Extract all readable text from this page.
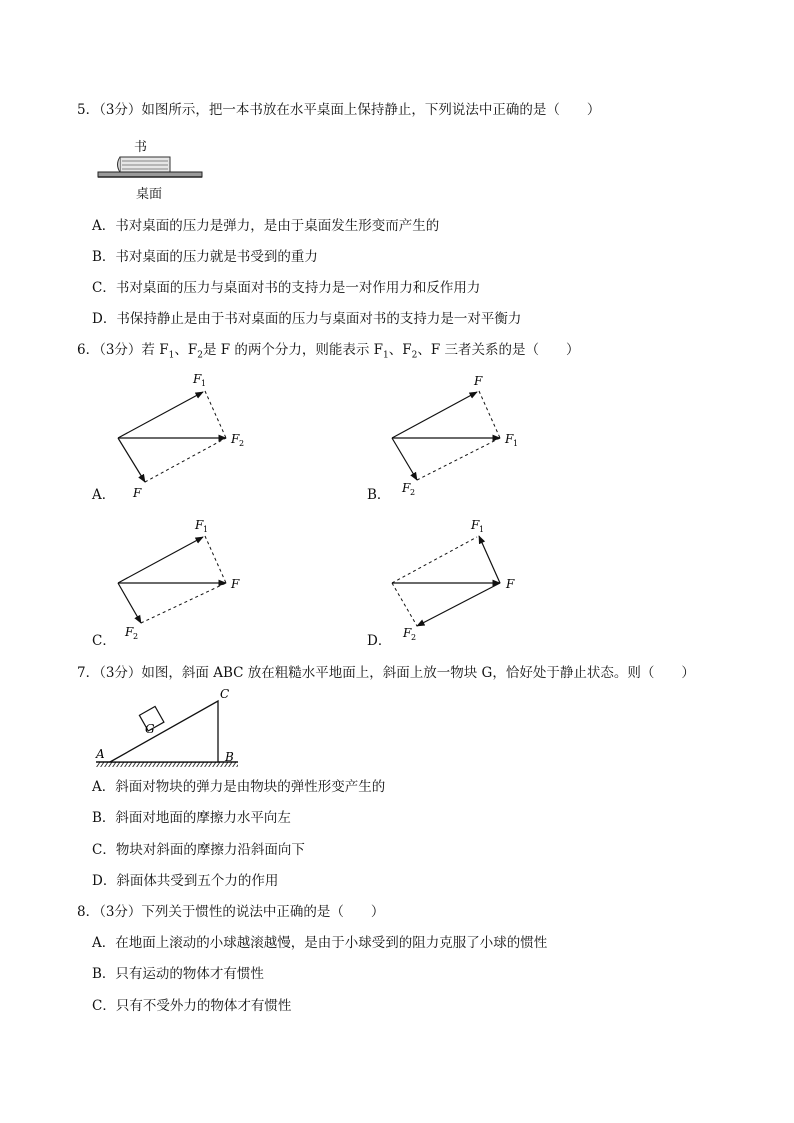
5．（3分）如图所示，把一本书放在水平桌面上保持静止，下列说法中正确的是（　　）
书
桌面
A．书对桌面的压力是弹力，是由于桌面发生形变而产生的
B．书对桌面的压力就是书受到的重力
C．书对桌面的压力与桌面对书的支持力是一对作用力和反作用力
D．书保持静止是由于书对桌面的压力与桌面对书的支持力是一对平衡力
6．（3分）若 $F_1$、$F_2$是 F 的两个分力，则能表示 $F_1$、$F_2$、F 三者关系的是（　　）
F 1
F 2
F
F
F 1
F 2
F 1
F
F 2
F 1
F
F 2
A．	B．
C．	D．
7．（3分）如图，斜面 ABC 放在粗糙水平地面上，斜面上放一物块 G，恰好处于静止状态。则（　　）
G
A	B
C
A．斜面对物块的弹力是由物块的弹性形变产生的
B．斜面对地面的摩擦力水平向左
C．物块对斜面的摩擦力沿斜面向下
D．斜面体共受到五个力的作用
8．（3分）下列关于惯性的说法中正确的是（　　）
A．在地面上滚动的小球越滚越慢，是由于小球受到的阻力克服了小球的惯性
B．只有运动的物体才有惯性
C．只有不受外力的物体才有惯性
